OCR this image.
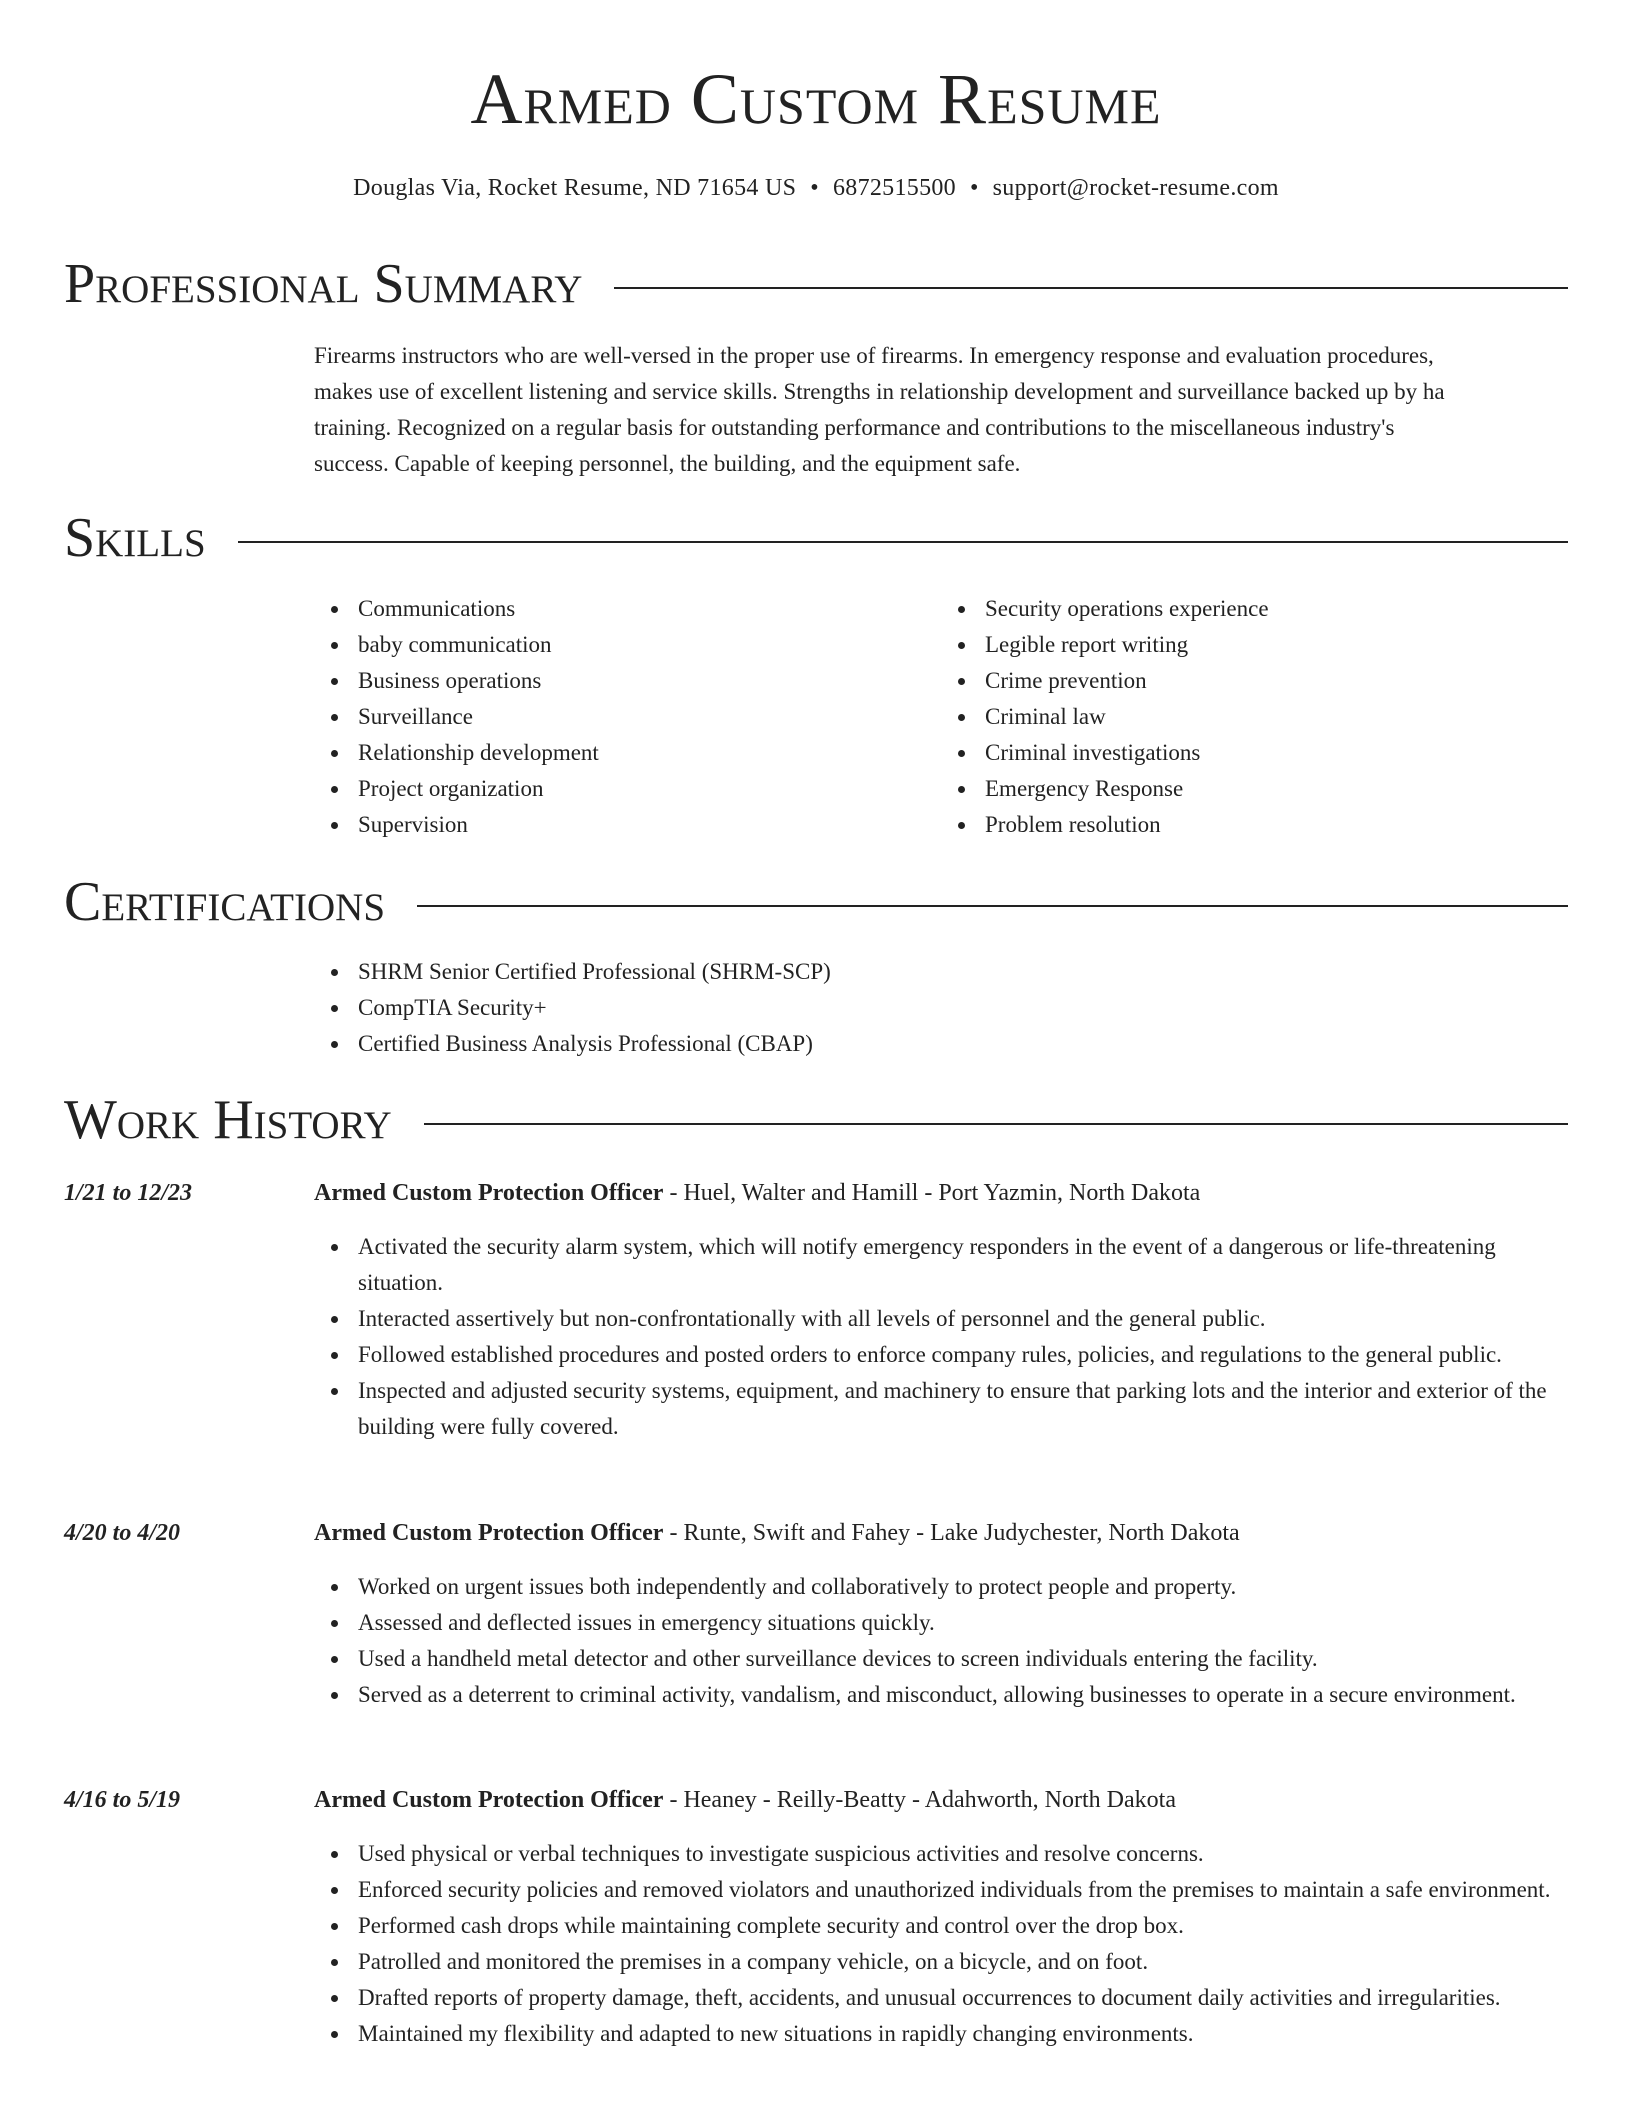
Armed Custom Resume
Douglas Via, Rocket Resume, ND 71654 US • 6872515500 • support@rocket-resume.com
Professional Summary
Firearms instructors who are well-versed in the proper use of firearms. In emergency response and evaluation procedures,
makes use of excellent listening and service skills. Strengths in relationship development and surveillance backed up by ha
training. Recognized on a regular basis for outstanding performance and contributions to the miscellaneous industry's
success. Capable of keeping personnel, the building, and the equipment safe.
Skills
Communications
baby communication
Business operations
Surveillance
Relationship development
Project organization
Supervision
Security operations experience
Legible report writing
Crime prevention
Criminal law
Criminal investigations
Emergency Response
Problem resolution
Certifications
SHRM Senior Certified Professional (SHRM-SCP)
CompTIA Security+
Certified Business Analysis Professional (CBAP)
Work History
1/21 to 12/23	Armed Custom Protection Officer - Huel, Walter and Hamill - Port Yazmin, North Dakota
Activated the security alarm system, which will notify emergency responders in the event of a dangerous or life-threatening situation.
Interacted assertively but non-confrontationally with all levels of personnel and the general public.
Followed established procedures and posted orders to enforce company rules, policies, and regulations to the general public.
Inspected and adjusted security systems, equipment, and machinery to ensure that parking lots and the interior and exterior of the building were fully covered.
4/20 to 4/20	Armed Custom Protection Officer - Runte, Swift and Fahey - Lake Judychester, North Dakota
Worked on urgent issues both independently and collaboratively to protect people and property.
Assessed and deflected issues in emergency situations quickly.
Used a handheld metal detector and other surveillance devices to screen individuals entering the facility.
Served as a deterrent to criminal activity, vandalism, and misconduct, allowing businesses to operate in a secure environment.
4/16 to 5/19	Armed Custom Protection Officer - Heaney - Reilly-Beatty - Adahworth, North Dakota
Used physical or verbal techniques to investigate suspicious activities and resolve concerns.
Enforced security policies and removed violators and unauthorized individuals from the premises to maintain a safe environment.
Performed cash drops while maintaining complete security and control over the drop box.
Patrolled and monitored the premises in a company vehicle, on a bicycle, and on foot.
Drafted reports of property damage, theft, accidents, and unusual occurrences to document daily activities and irregularities.
Maintained my flexibility and adapted to new situations in rapidly changing environments.
